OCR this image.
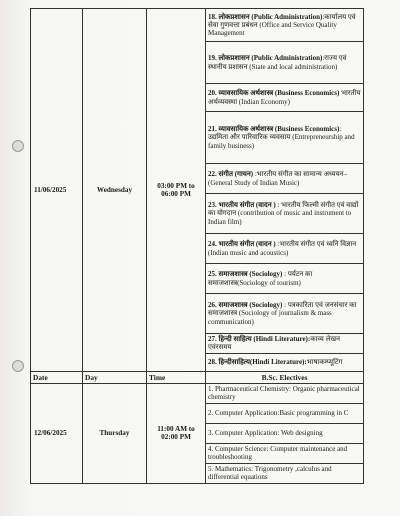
11/06/2025	Wednesday	03:00 PM to 06:00 PM	18. लोकप्रशासन (Public Administration):कार्यालय एवं सेवा गुणवत्ता प्रबंधन (Office and Service Quality Management
			19. लोकप्रशासन (Public Administration):राज्य एवं स्थानीय प्रशासन (State and local administration)
			20. व्यावसायिक अर्थशास्त्र (Business Economics) भारतीय अर्थव्यवस्था (Indian Economy)
			21. व्यावसायिक अर्थशास्त्र (Business Economics): उद्यमिता और पारिवारिक व्यवसाय (Entrepreneurship and family business)
			22. संगीत (गायन) :भारतीय संगीत का सामान्य अध्ययन–(General Study of Indian Music)
			23. भारतीय संगीत (वादन ) : भारतीय फिल्मी संगीत एवं वाद्यों का योगदान (contribution of music and instrument to Indian film)
			24. भारतीय संगीत (वादन ) :भारतीय संगीत एवं ध्वनि विज्ञान (Indian music and acoustics)
			25. समाजशास्त्र (Sociology) : पर्यटन का समाजशास्त्र(Sociology of tourism)
			26. समाजशास्त्र (Sociology) : पत्रकारिता एवं जनसंचार का समाजशास्त्र (Sociology of journalism & mass communication)
			27. हिन्दी साहित्य (Hindi Literature):काव्य लेखन एवंरसमय
			28. हिन्दीसाहित्य(Hindi Literature):भाषाकम्प्यूटिंग
Date	Day	Time	B.Sc. Electives
12/06/2025	Thursday	11:00 AM to 02:00 PM	1. Pharmaceutical Chemistry: Organic pharmaceutical chemistry
			2. Computer Application:Basic programming in C
			3. Computer Application: Web designing
			4. Computer Science: Computer maintenance and troubleshooting
			5. Mathematics: Trigonometry ,calculus and differential equations
